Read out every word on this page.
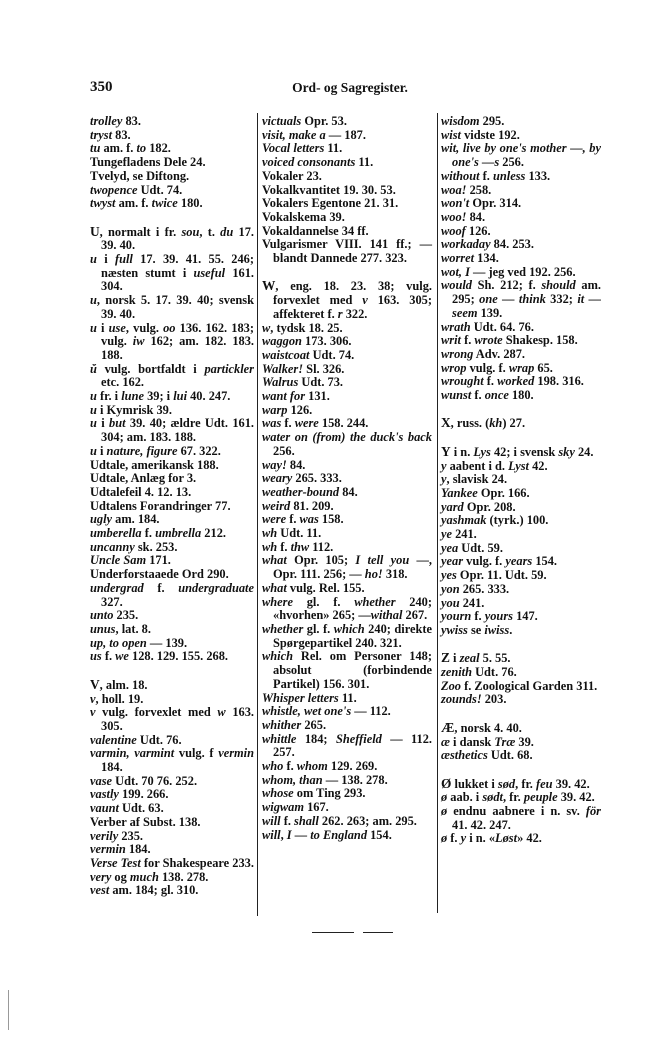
350	Ord- og Sagregister.
trolley 83.
tryst 83.
tu am. f. to 182.
Tungefladens Dele 24.
Tvelyd, se Diftong.
twopence Udt. 74.
twyst am. f. twice 180.
U, normalt i fr. sou, t. du 17. 39. 40.
u i full 17. 39. 41. 55. 246; næsten stumt i useful 161. 304.
u, norsk 5. 17. 39. 40; svensk 39. 40.
u i use, vulg. oo 136. 162. 183; vulg. iw 162; am. 182. 183. 188.
ŭ vulg. bortfaldt i partickler etc. 162.
u fr. i lune 39; i lui 40. 247.
u i Kymrisk 39.
u i but 39. 40; ældre Udt. 161. 304; am. 183. 188.
u i nature, figure 67. 322.
Udtale, amerikansk 188.
Udtale, Anlæg for 3.
Udtalefeil 4. 12. 13.
Udtalens Forandringer 77.
ugly am. 184.
umberella f. umbrella 212.
uncanny sk. 253.
Uncle Sam 171.
Underforstaaede Ord 290.
undergrad f. undergraduate 327.
unto 235.
unus, lat. 8.
up, to open — 139.
us f. we 128. 129. 155. 268.
V, alm. 18.
v, holl. 19.
v vulg. forvexlet med w 163. 305.
valentine Udt. 76.
varmin, varmint vulg. f vermin 184.
vase Udt. 70 76. 252.
vastly 199. 266.
vaunt Udt. 63.
Verber af Subst. 138.
verily 235.
vermin 184.
Verse Test for Shakespeare 233.
very og much 138. 278.
vest am. 184; gl. 310.
victuals Opr. 53.
visit, make a — 187.
Vocal letters 11.
voiced consonants 11.
Vokaler 23.
Vokalkvantitet 19. 30. 53.
Vokalers Egentone 21. 31.
Vokalskema 39.
Vokaldannelse 34 ff.
Vulgarismer VIII. 141 ff.; — blandt Dannede 277. 323.
W, eng. 18. 23. 38; vulg. forvexlet med v 163. 305; affekteret f. r 322.
w, tydsk 18. 25.
waggon 173. 306.
waistcoat Udt. 74.
Walker! Sl. 326.
Walrus Udt. 73.
want for 131.
warp 126.
was f. were 158. 244.
water on (from) the duck's back 256.
way! 84.
weary 265. 333.
weather-bound 84.
weird 81. 209.
were f. was 158.
wh Udt. 11.
wh f. thw 112.
what Opr. 105; I tell you —, Opr. 111. 256; — ho! 318.
what vulg. Rel. 155.
where gl. f. whether 240; «hvorhen» 265; —withal 267.
whether gl. f. which 240; direkte Spørgepartikel 240. 321.
which Rel. om Personer 148; absolut (forbindende Partikel) 156. 301.
Whisper letters 11.
whistle, wet one's — 112.
whither 265.
whittle 184; Sheffield — 112. 257.
who f. whom 129. 269.
whom, than — 138. 278.
whose om Ting 293.
wigwam 167.
will f. shall 262. 263; am. 295.
will, I — to England 154.
wisdom 295.
wist vidste 192.
wit, live by one's mother —, by one's —s 256.
without f. unless 133.
woa! 258.
won't Opr. 314.
woo! 84.
woof 126.
workaday 84. 253.
worret 134.
wot, I — jeg ved 192. 256.
would Sh. 212; f. should am. 295; one — think 332; it — seem 139.
wrath Udt. 64. 76.
writ f. wrote Shakesp. 158.
wrong Adv. 287.
wrop vulg. f. wrap 65.
wrought f. worked 198. 316.
wunst f. once 180.
X, russ. (kh) 27.
Y i n. Lys 42; i svensk sky 24.
y aabent i d. Lyst 42.
y, slavisk 24.
Yankee Opr. 166.
yard Opr. 208.
yashmak (tyrk.) 100.
ye 241.
yea Udt. 59.
year vulg. f. years 154.
yes Opr. 11. Udt. 59.
yon 265. 333.
you 241.
yourn f. yours 147.
ywiss se iwiss.
Z i zeal 5. 55.
zenith Udt. 76.
Zoo f. Zoological Garden 311.
zounds! 203.
Æ, norsk 4. 40.
æ i dansk Træ 39.
æsthetics Udt. 68.
Ø lukket i sød, fr. feu 39. 42.
ø aab. i sødt, fr. peuple 39. 42.
ø endnu aabnere i n. sv. för 41. 42. 247.
ø f. y i n. «Løst» 42.
